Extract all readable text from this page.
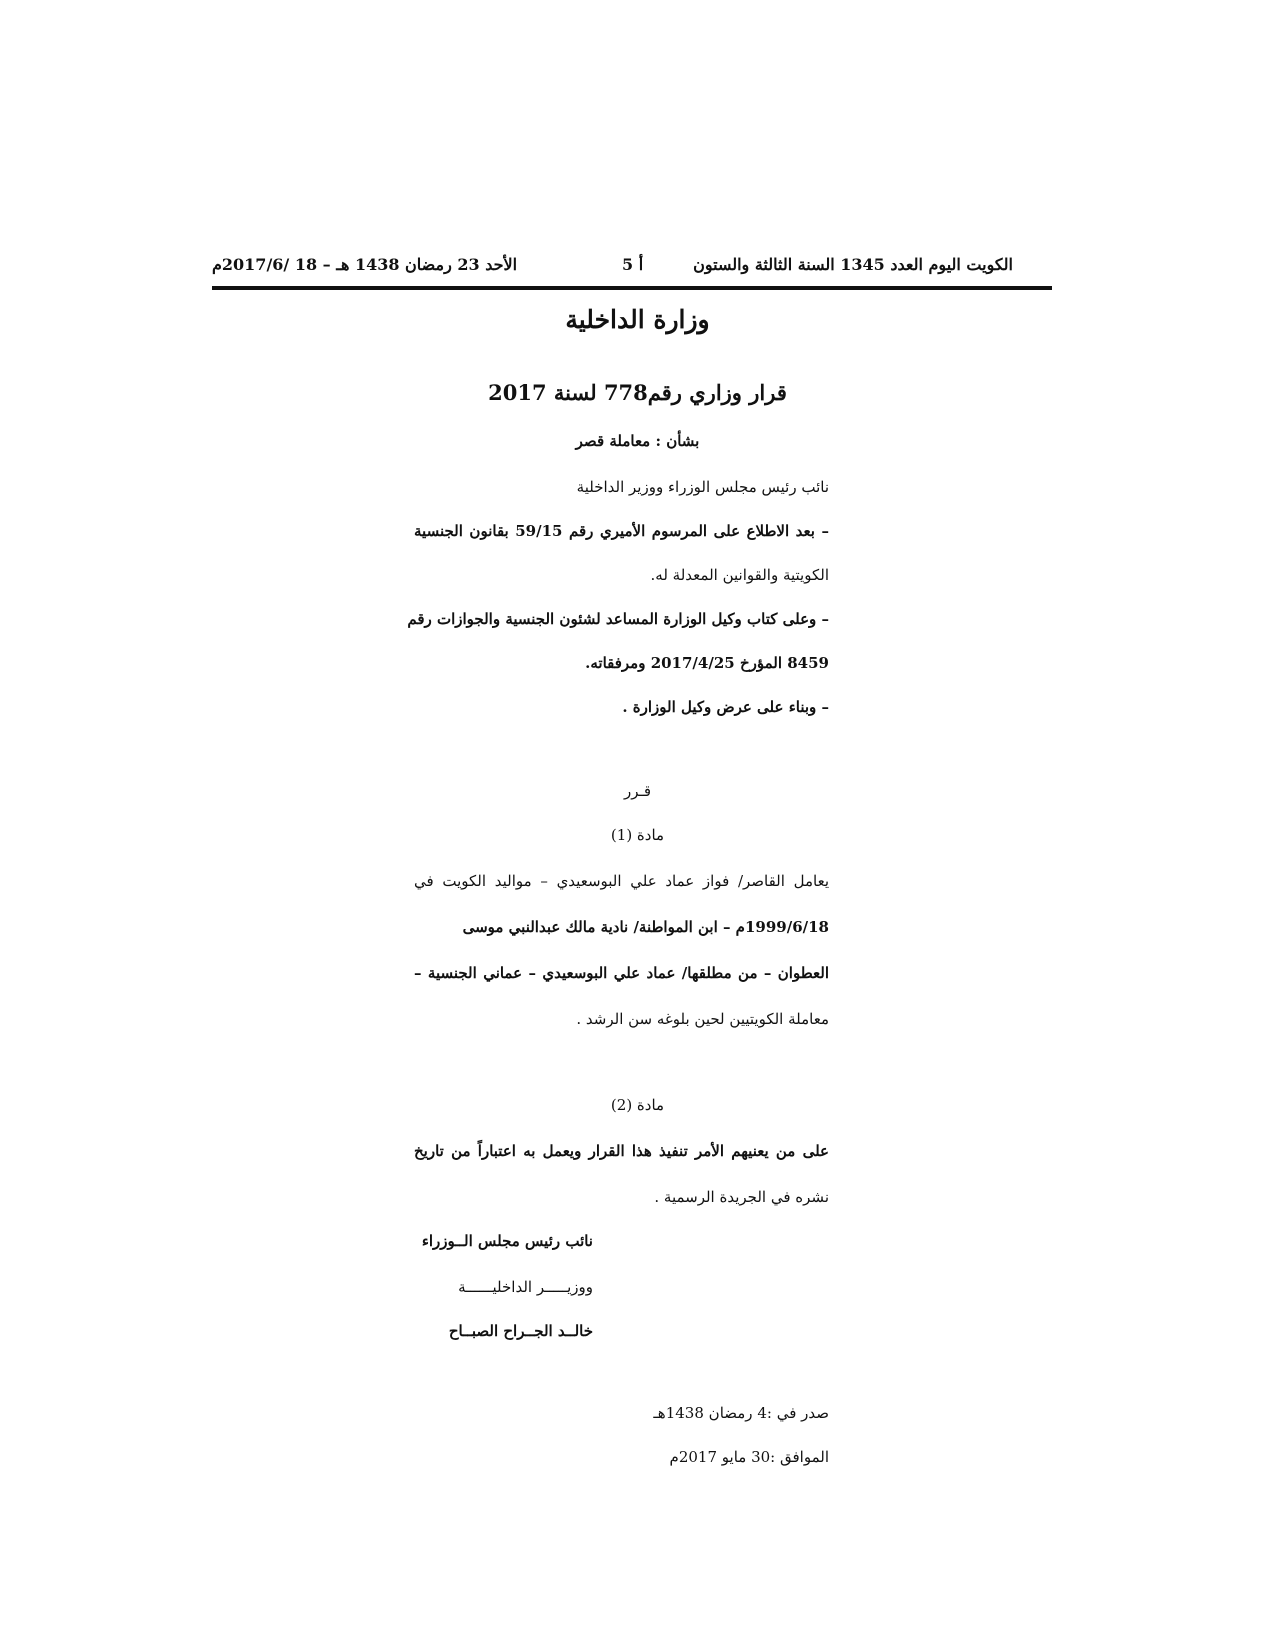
الكويت اليوم العدد 1345 السنة الثالثة والستون
أ 5
الأحد 23 رمضان 1438 هـ – 18 /2017/6م
وزارة الداخلية
قرار وزاري رقم778 لسنة 2017
بشأن : معاملة قصر
نائب رئيس مجلس الوزراء ووزير الداخلية
– بعد الاطلاع على المرسوم الأميري رقم 59/15 بقانون الجنسية
الكويتية والقوانين المعدلة له.
– وعلى كتاب وكيل الوزارة المساعد لشئون الجنسية والجوازات رقم
8459 المؤرخ 2017/4/25 ومرفقاته.
– وبناء على عرض وكيل الوزارة .
قـرر
مادة (1)
يعامل القاصر/ فواز عماد علي البوسعيدي – مواليد الكويت في
1999/6/18م – ابن المواطنة/ نادية مالك عبدالنبي موسى
العطوان – من مطلقها/ عماد علي البوسعيدي – عماني الجنسية –
معاملة الكويتيين لحين بلوغه سن الرشد .
مادة (2)
على من يعنيهم الأمر تنفيذ هذا القرار ويعمل به اعتباراً من تاريخ
نشره في الجريدة الرسمية .
نائب رئيس مجلس الــوزراء
ووزيـــــر الداخليــــــة
خالــد الجــراح الصبــاح
صدر في :4 رمضان 1438هـ
الموافق :30 مايو 2017م
